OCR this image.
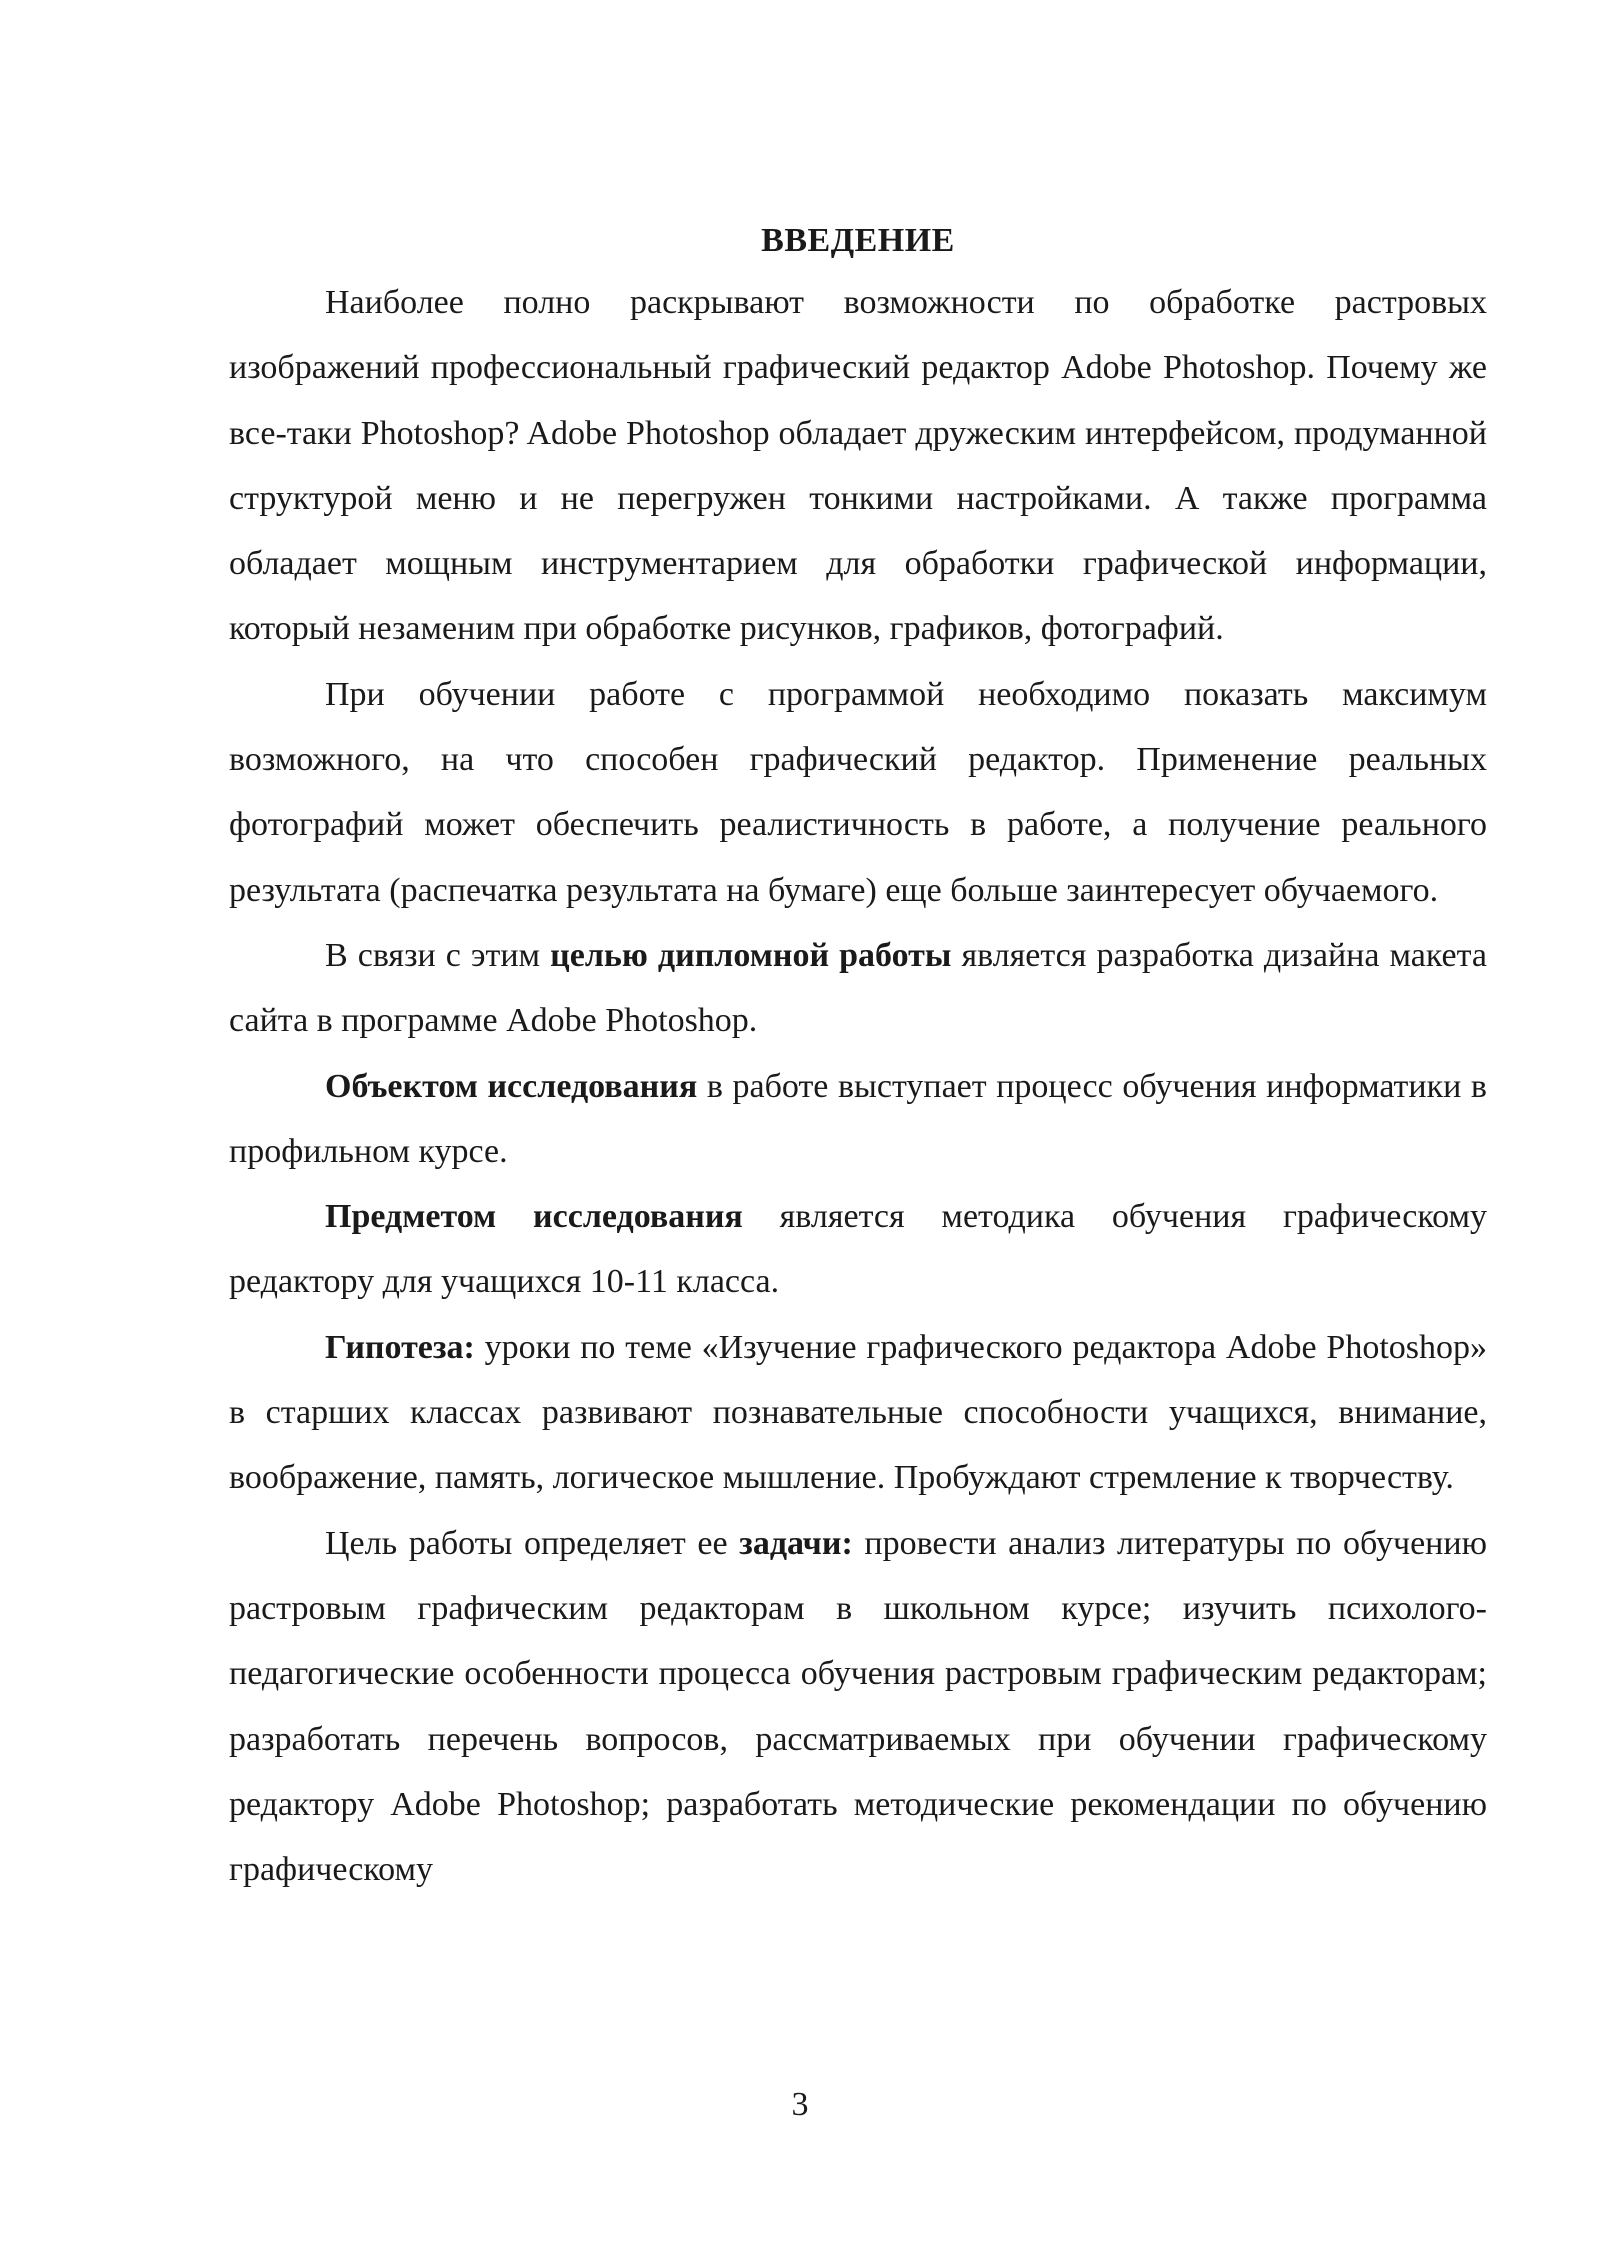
ВВЕДЕНИЕ

Наиболее полно раскрывают возможности по обработке растровых изображений профессиональный графический редактор Adobe Photoshop. Почему же все-таки Photoshop? Adobe Photoshop обладает дружеским интерфейсом, продуманной структурой меню и не перегружен тонкими настройками. А также программа обладает мощным инструментарием для обработки графической информации, который незаменим при обработке рисунков, графиков, фотографий.

При обучении работе с программой необходимо показать максимум возможного, на что способен графический редактор. Применение реальных фотографий может обеспечить реалистичность в работе, а получение реального результата (распечатка результата на бумаге) еще больше заинтересует обучаемого.

В связи с этим целью дипломной работы является разработка дизайна макета сайта в программе Adobe Photoshop.

Объектом исследования в работе выступает процесс обучения информатики в профильном курсе.

Предметом исследования является методика обучения графическому редактору для учащихся 10-11 класса.

Гипотеза: уроки по теме «Изучение графического редактора Adobe Photoshop» в старших классах развивают познавательные способности учащихся, внимание, воображение, память, логическое мышление. Пробуждают стремление к творчеству.

Цель работы определяет ее задачи: провести анализ литературы по обучению растровым графическим редакторам в школьном курсе; изучить психолого-педагогические особенности процесса обучения растровым графическим редакторам; разработать перечень вопросов, рассматриваемых при обучении графическому редактору Adobe Photoshop; разработать методические рекомендации по обучению графическому

3
